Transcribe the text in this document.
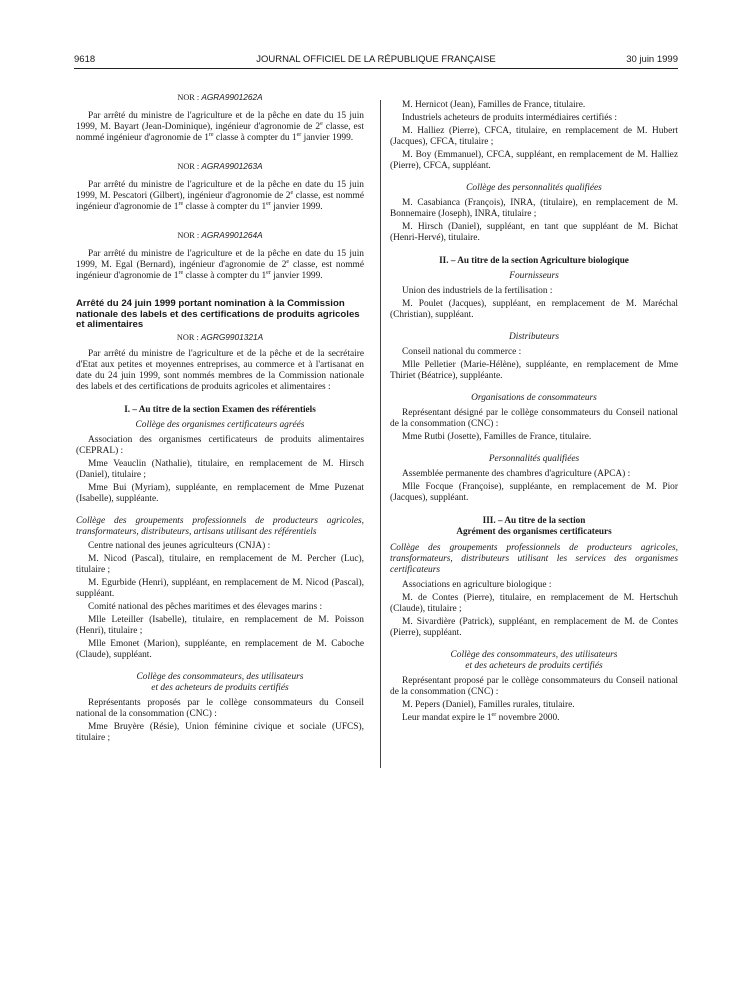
9618	JOURNAL OFFICIEL DE LA RÉPUBLIQUE FRANÇAISE	30 juin 1999

NOR : AGRA9901262A

Par arrêté du ministre de l'agriculture et de la pêche en date du 15 juin 1999, M. Bayart (Jean-Dominique), ingénieur d'agronomie de 2e classe, est nommé ingénieur d'agronomie de 1re classe à compter du 1er janvier 1999.

NOR : AGRA9901263A

Par arrêté du ministre de l'agriculture et de la pêche en date du 15 juin 1999, M. Pescatori (Gilbert), ingénieur d'agronomie de 2e classe, est nommé ingénieur d'agronomie de 1re classe à compter du 1er janvier 1999.

NOR : AGRA9901264A

Par arrêté du ministre de l'agriculture et de la pêche en date du 15 juin 1999, M. Egal (Bernard), ingénieur d'agronomie de 2e classe, est nommé ingénieur d'agronomie de 1re classe à compter du 1er janvier 1999.

Arrêté du 24 juin 1999 portant nomination à la Commission nationale des labels et des certifications de produits agricoles et alimentaires

NOR : AGRG9901321A

Par arrêté du ministre de l'agriculture et de la pêche et de la secrétaire d'Etat aux petites et moyennes entreprises, au commerce et à l'artisanat en date du 24 juin 1999, sont nommés membres de la Commission nationale des labels et des certifications de produits agricoles et alimentaires :

I. – Au titre de la section Examen des référentiels

Collège des organismes certificateurs agréés

Association des organismes certificateurs de produits alimentaires (CEPRAL) :

Mme Veauclin (Nathalie), titulaire, en remplacement de M. Hirsch (Daniel), titulaire ;

Mme Bui (Myriam), suppléante, en remplacement de Mme Puzenat (Isabelle), suppléante.

Collège des groupements professionnels de producteurs agricoles, transformateurs, distributeurs, artisans utilisant des référentiels

Centre national des jeunes agriculteurs (CNJA) :

M. Nicod (Pascal), titulaire, en remplacement de M. Percher (Luc), titulaire ;

M. Egurbide (Henri), suppléant, en remplacement de M. Nicod (Pascal), suppléant.

Comité national des pêches maritimes et des élevages marins :

Mlle Leteiller (Isabelle), titulaire, en remplacement de M. Poisson (Henri), titulaire ;

Mlle Emonet (Marion), suppléante, en remplacement de M. Caboche (Claude), suppléant.

Collège des consommateurs, des utilisateurs

et des acheteurs de produits certifiés

Représentants proposés par le collège consommateurs du Conseil national de la consommation (CNC) :

Mme Bruyère (Résie), Union féminine civique et sociale (UFCS), titulaire ;

M. Hernicot (Jean), Familles de France, titulaire.

Industriels acheteurs de produits intermédiaires certifiés :

M. Halliez (Pierre), CFCA, titulaire, en remplacement de M. Hubert (Jacques), CFCA, titulaire ;

M. Boy (Emmanuel), CFCA, suppléant, en remplacement de M. Halliez (Pierre), CFCA, suppléant.

Collège des personnalités qualifiées

M. Casabianca (François), INRA, (titulaire), en remplacement de M. Bonnemaire (Joseph), INRA, titulaire ;

M. Hirsch (Daniel), suppléant, en tant que suppléant de M. Bichat (Henri-Hervé), titulaire.

II. – Au titre de la section Agriculture biologique

Fournisseurs

Union des industriels de la fertilisation :

M. Poulet (Jacques), suppléant, en remplacement de M. Maréchal (Christian), suppléant.

Distributeurs

Conseil national du commerce :

Mlle Pelletier (Marie-Hélène), suppléante, en remplacement de Mme Thiriet (Béatrice), suppléante.

Organisations de consommateurs

Représentant désigné par le collège consommateurs du Conseil national de la consommation (CNC) :

Mme Rutbi (Josette), Familles de France, titulaire.

Personnalités qualifiées

Assemblée permanente des chambres d'agriculture (APCA) :

Mlle Focque (Françoise), suppléante, en remplacement de M. Pior (Jacques), suppléant.

III. – Au titre de la section

Agrément des organismes certificateurs

Collège des groupements professionnels de producteurs agricoles, transformateurs, distributeurs utilisant les services des organismes certificateurs

Associations en agriculture biologique :

M. de Contes (Pierre), titulaire, en remplacement de M. Hertschuh (Claude), titulaire ;

M. Sivardière (Patrick), suppléant, en remplacement de M. de Contes (Pierre), suppléant.

Collège des consommateurs, des utilisateurs

et des acheteurs de produits certifiés

Représentant proposé par le collège consommateurs du Conseil national de la consommation (CNC) :

M. Pepers (Daniel), Familles rurales, titulaire.

Leur mandat expire le 1er novembre 2000.
